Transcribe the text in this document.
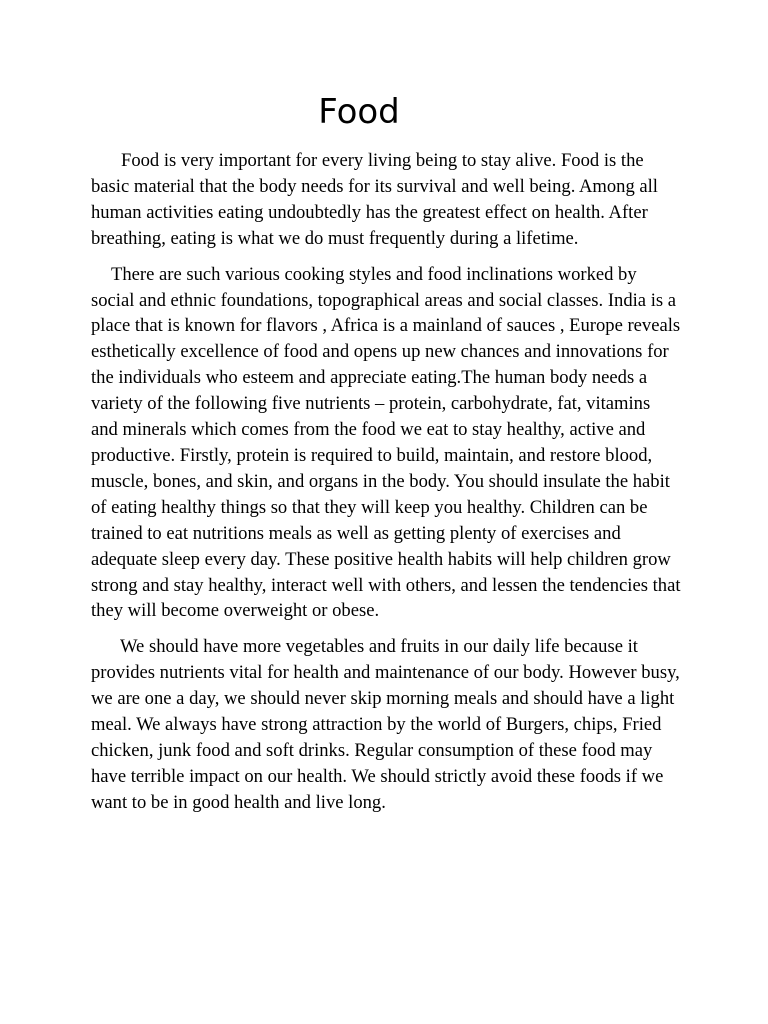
Food

Food is very important for every living being to stay alive. Food is the basic material that the body needs for its survival and well being. Among all human activities eating undoubtedly has the greatest effect on health. After breathing, eating is what we do must frequently during a lifetime.

There are such various cooking styles and food inclinations worked by social and ethnic foundations, topographical areas and social classes. India is a place that is known for flavors , Africa is a mainland of sauces , Europe reveals esthetically excellence of food and opens up new chances and innovations for the individuals who esteem and appreciate eating.The human body needs a variety of the following five nutrients – protein, carbohydrate, fat, vitamins and minerals which comes from the food we eat to stay healthy, active and productive. Firstly, protein is required to build, maintain, and restore blood, muscle, bones, and skin, and organs in the body. You should insulate the habit of eating healthy things so that they will keep you healthy. Children can be trained to eat nutritions meals as well as getting plenty of exercises and adequate sleep every day. These positive health habits will help children grow strong and stay healthy, interact well with others, and lessen the tendencies that they will become overweight or obese.

We should have more vegetables and fruits in our daily life because it provides nutrients vital for health and maintenance of our body. However busy, we are one a day, we should never skip morning meals and should have a light meal. We always have strong attraction by the world of Burgers, chips, Fried chicken, junk food and soft drinks. Regular consumption of these food may have terrible impact on our health. We should strictly avoid these foods if we want to be in good health and live long.
